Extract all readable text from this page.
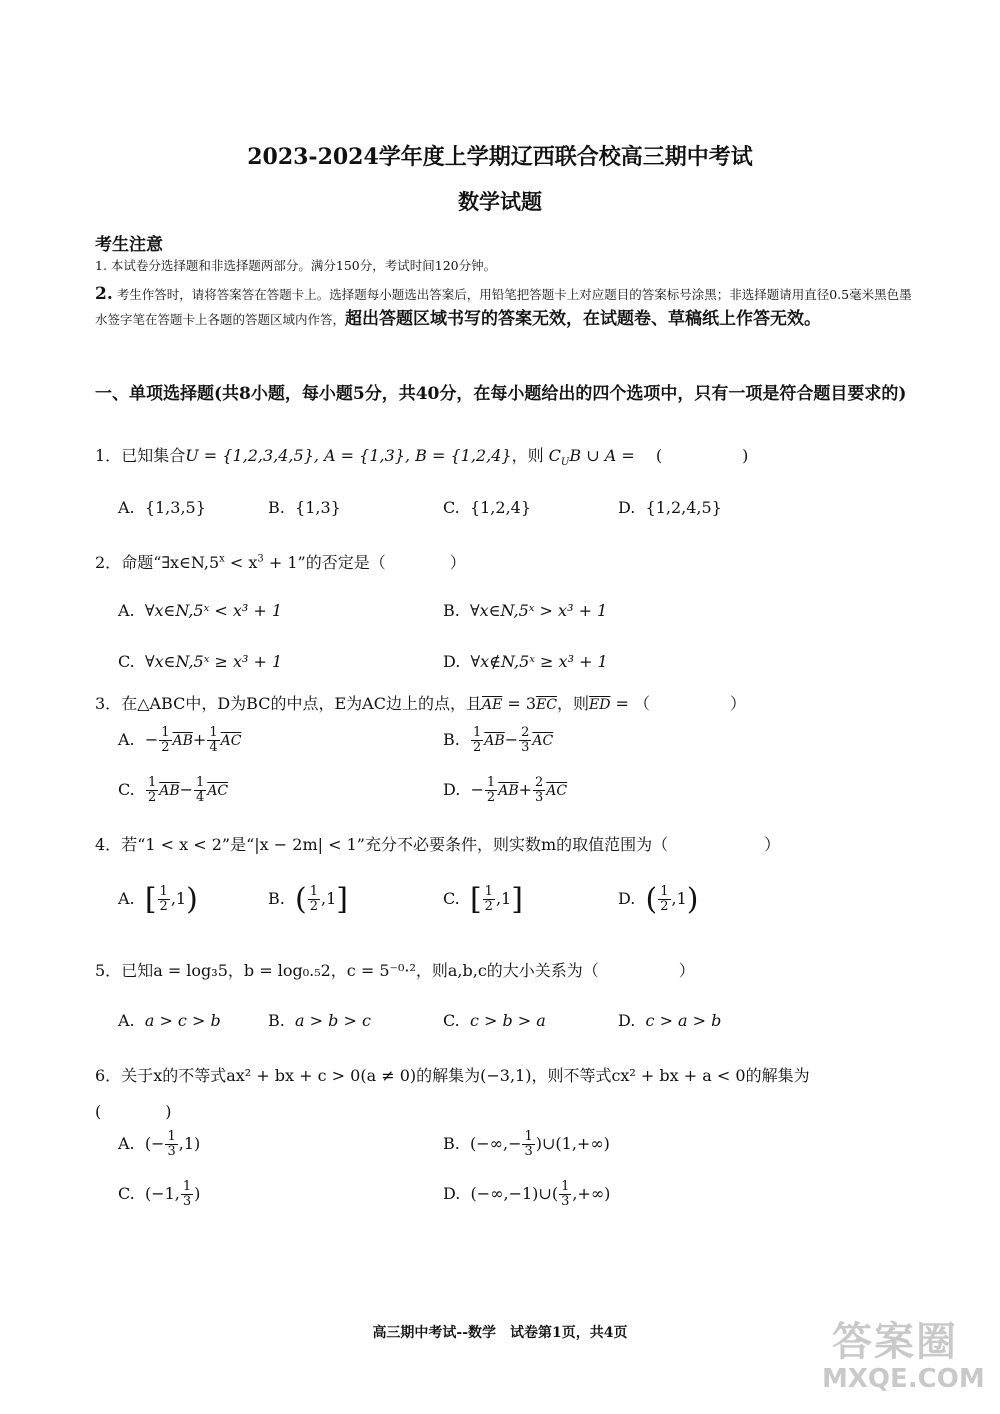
2023-2024学年度上学期辽西联合校高三期中考试
数学试题
考生注意
1. 本试卷分选择题和非选择题两部分。满分150分，考试时间120分钟。
2. 考生作答时，请将答案答在答题卡上。选择题每小题选出答案后，用铅笔把答题卡上对应题目的答案标号涂黑；非选择题请用直径0.5毫米黑色墨水签字笔在答题卡上各题的答题区域内作答，超出答题区域书写的答案无效，在试题卷、草稿纸上作答无效。
一、单项选择题(共8小题，每小题5分，共40分，在每小题给出的四个选项中，只有一项是符合题目要求的)
1．已知集合U = {1,2,3,4,5}, A = {1,3}, B = {1,2,4}，则 $C_UB$ ∪ A = (　　　　　)
A. {1,3,5}	B. {1,3}	C. {1,2,4}	D. {1,2,4,5}
2．命题“$\exists x\in N,5^x < x^3 + 1$”的否定是（　　　　）
A. ∀x∈N,5ˣ < x³ + 1	B. ∀x∈N,5ˣ > x³ + 1
C. ∀x∈N,5ˣ ≥ x³ + 1	D. ∀x∉N,5ˣ ≥ x³ + 1
3．在△ABC中，D为BC的中点，E为AC边上的点，且$\overline{AE} = 3\overline{EC}$，则$\overline{ED}$ = （　　　　　）
A. − $\frac{1}{2} \overline{AB}+ \frac{1}{4} \overline{AC}$	B. $\frac{1}{2} \overline{AB}- \frac{2}{3} \overline{AC}$
C. $\frac{1}{2} \overline{AB}- \frac{1}{4} \overline{AC}$	D. − $\frac{1}{2} \overline{AB}+ \frac{2}{3} \overline{AC}$
4．若“1 < x < 2”是“|x − 2m| < 1”充分不必要条件，则实数m的取值范围为（　　　　　　）
A. [ $\frac{1}{2} ,1$)	B. ( $\frac{1}{2} ,1$]	C. [ $\frac{1}{2} ,1$]	D. ( $\frac{1}{2} ,1$)
5．已知a = log₃5，b = log₀.₅2，c = 5⁻⁰·²，则a,b,c的大小关系为（　　　　　）
A. a > c > b	B. a > b > c	C. c > b > a	D. c > a > b
6．关于x的不等式ax² + bx + c > 0(a ≠ 0)的解集为(−3,1)，则不等式cx² + bx + a < 0的解集为
(　　　　)
A. (− $\frac{1}{3} ,1$)	B. (−∞,− $\frac{1}{3}$ )∪(1,+∞)
C. (−1, $\frac{1}{3}$ )	D. (−∞,−1)∪( $\frac{1}{3}$ ,+∞)
高三期中考试--数学　试卷第1页，共4页	答案圈
MXQE.COM
